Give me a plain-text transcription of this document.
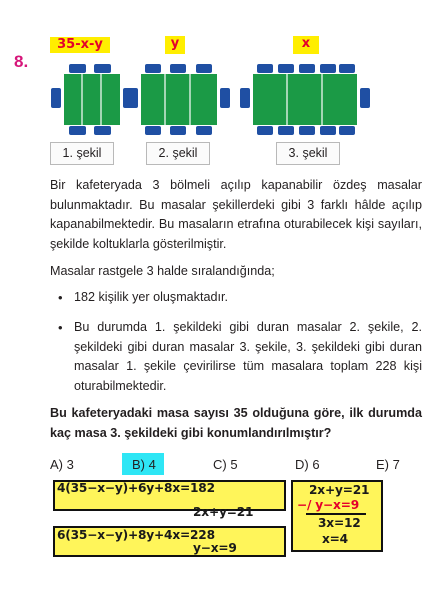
8.
35-x-y	y	x
1. şekil	2. şekil	3. şekil

Bir kafeteryada 3 bölmeli açılıp kapanabilir özdeş masalar bulunmaktadır. Bu masalar şekillerdeki gibi 3 farklı hâlde açılıp kapanabilmektedir. Bu masaların etrafına oturabilecek kişi sayıları, şekilde koltuklarla gösterilmiştir.

Masalar rastgele 3 halde sıralandığında;

• 182 kişilik yer oluşmaktadır.

• Bu durumda 1. şekildeki gibi duran masalar 2. şekile, 2. şekildeki gibi duran masalar 3. şekile, 3. şekildeki gibi duran masalar 1. şekile çevirilirse tüm masalara toplam 228 kişi oturabilmektedir.

Bu kafeteryadaki masa sayısı 35 olduğuna göre, ilk durumda kaç masa 3. şekildeki gibi konumlandırılmıştır?

A) 3	B) 4	C) 5	D) 6	E) 7
4(35−x−y)+6y+8x=182
2x+y=21
6(35−x−y)+8y+4x=228
y−x=9
2x+y=21
−/ y−x=9
3x=12
x=4
